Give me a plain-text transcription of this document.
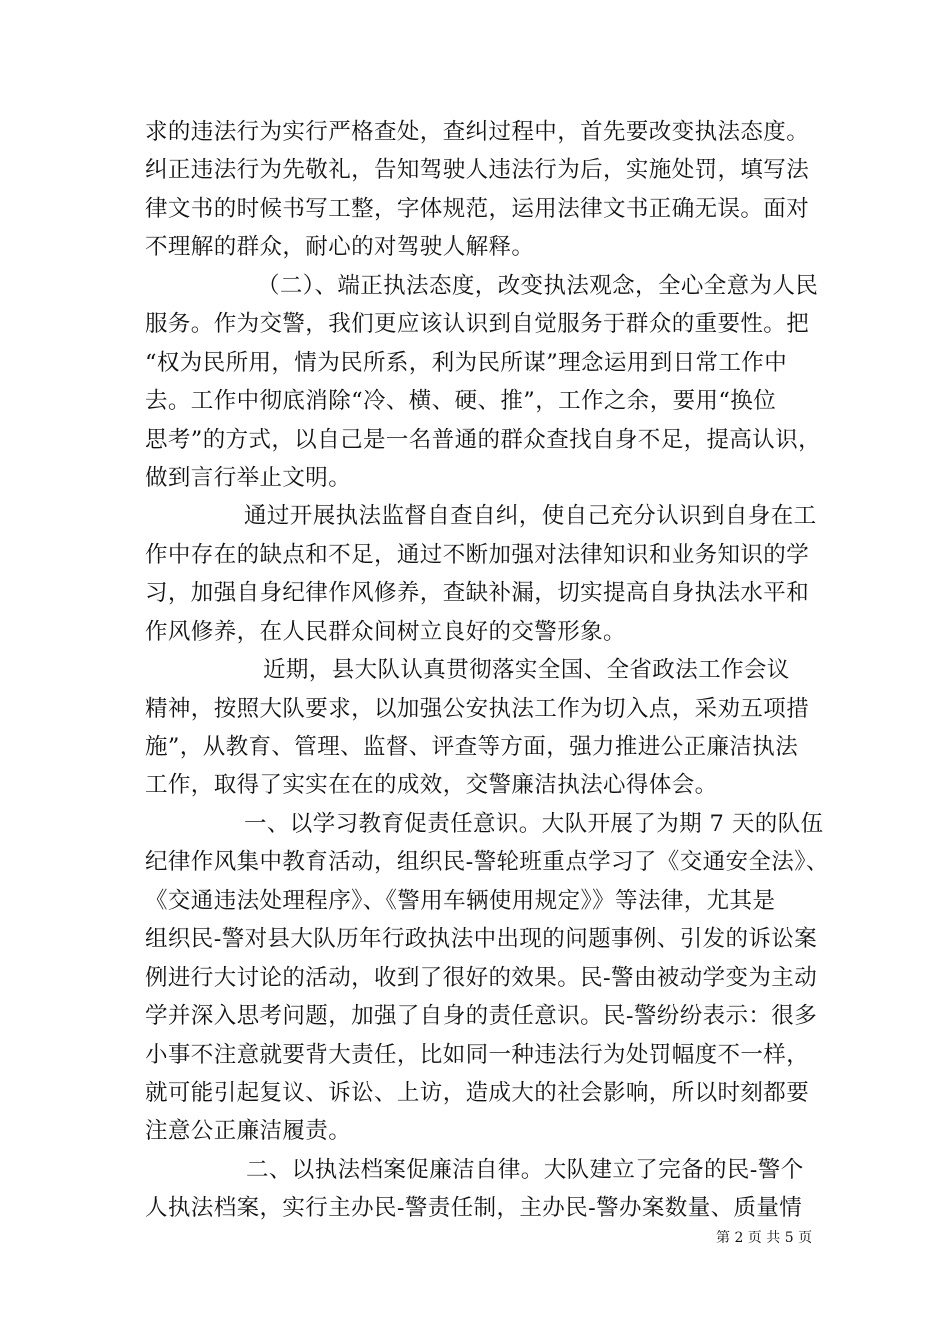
求的违法行为实行严格查处，查纠过程中，首先要改变执法态度。
纠正违法行为先敬礼，告知驾驶人违法行为后，实施处罚，填写法
律文书的时候书写工整，字体规范，运用法律文书正确无误。面对
不理解的群众，耐心的对驾驶人解释。
（二）、端正执法态度，改变执法观念，全心全意为人民
服务。作为交警，我们更应该认识到自觉服务于群众的重要性。把
“权为民所用，情为民所系，利为民所谋”理念运用到日常工作中
去。工作中彻底消除“冷、横、硬、推”，工作之余，要用“换位
思考”的方式，以自己是一名普通的群众查找自身不足，提高认识，
做到言行举止文明。
通过开展执法监督自查自纠，使自己充分认识到自身在工
作中存在的缺点和不足，通过不断加强对法律知识和业务知识的学
习，加强自身纪律作风修养，查缺补漏，切实提高自身执法水平和
作风修养，在人民群众间树立良好的交警形象。
近期，县大队认真贯彻落实全国、全省政法工作会议
精神，按照大队要求，以加强公安执法工作为切入点，采劝五项措
施”，从教育、管理、监督、评查等方面，强力推进公正廉洁执法
工作，取得了实实在在的成效，交警廉洁执法心得体会。
一、以学习教育促责任意识。大队开展了为期 7 天的队伍
纪律作风集中教育活动，组织民-警轮班重点学习了《交通安全法》、
《交通违法处理程序》、《警用车辆使用规定》》等法律，尤其是
组织民-警对县大队历年行政执法中出现的问题事例、引发的诉讼案
例进行大讨论的活动，收到了很好的效果。民-警由被动学变为主动
学并深入思考问题，加强了自身的责任意识。民-警纷纷表示：很多
小事不注意就要背大责任，比如同一种违法行为处罚幅度不一样，
就可能引起复议、诉讼、上访，造成大的社会影响，所以时刻都要
注意公正廉洁履责。
二、以执法档案促廉洁自律。大队建立了完备的民-警个
人执法档案，实行主办民-警责任制，主办民-警办案数量、质量情
第 2 页 共 5 页
